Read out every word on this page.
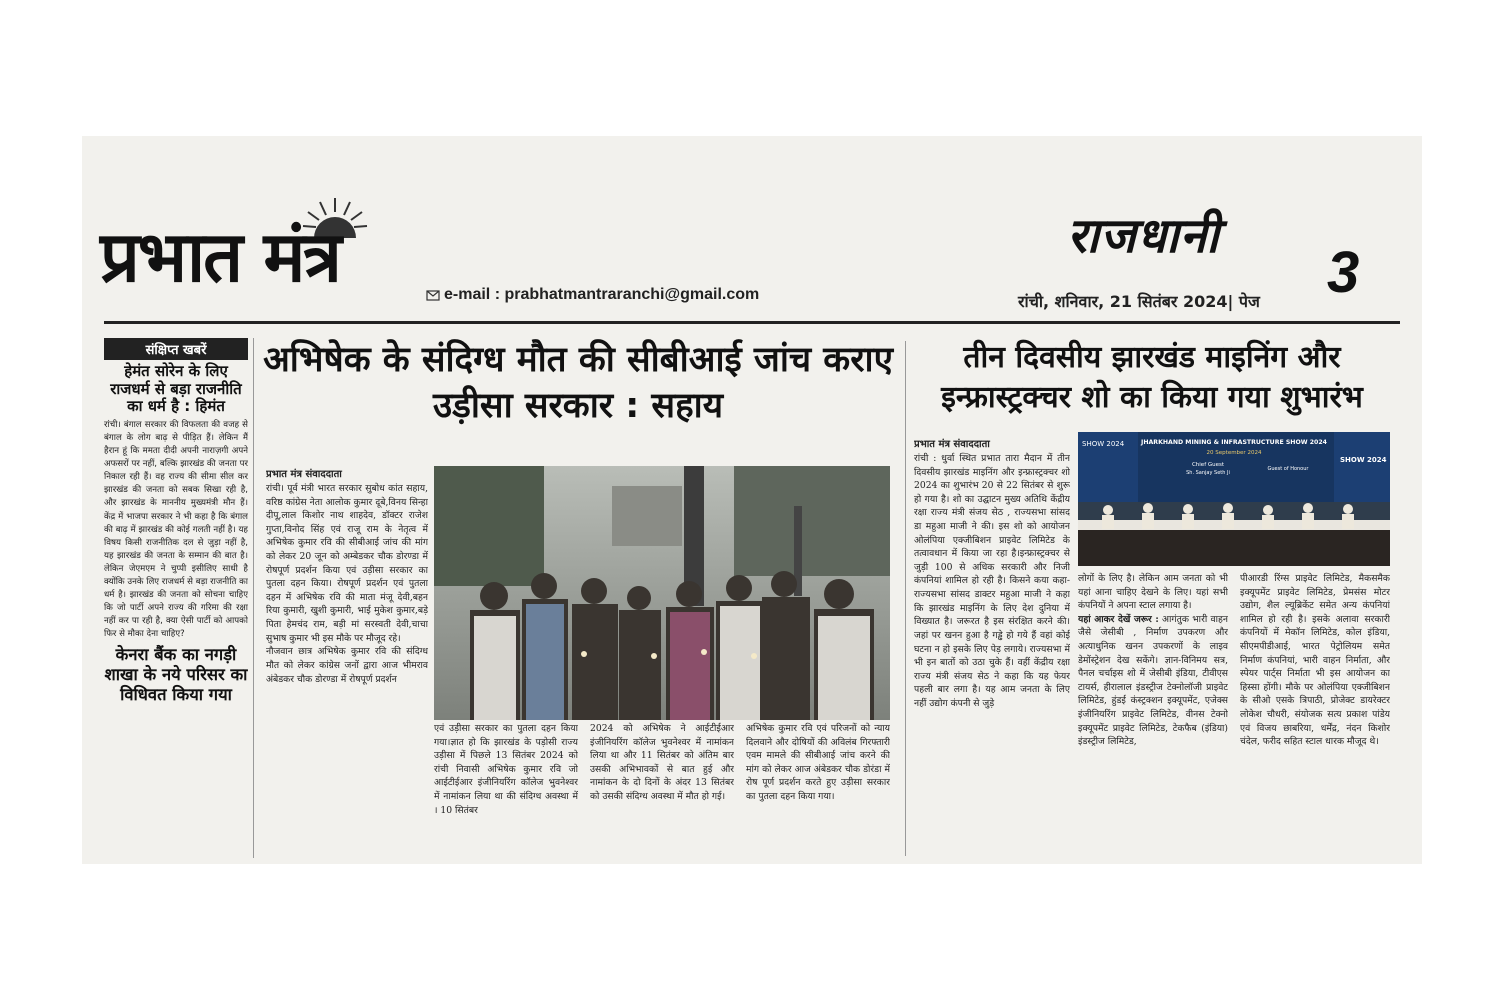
प्रभात मंत्र	e-mail : prabhatmantraranchi@gmail.com
राजधानी
रांची, शनिवार, 21 सितंबर 2024| पेज 3
संक्षिप्त खबरें
हेमंत सोरेन के लिए राजधर्म से बड़ा राजनीति का धर्म है : हिमंत
रांची। बंगाल सरकार की विफलता की वजह से बंगाल के लोग बाढ़ से पीड़ित हैं। लेकिन मैं हैरान हूं कि ममता दीदी अपनी नाराज़गी अपने अफसरों पर नहीं, बल्कि झारखंड की जनता पर निकाल रही हैं। वह राज्य की सीमा सील कर झारखंड की जनता को सबक सिखा रही है, और झारखंड के माननीय मुख्यमंत्री मौन हैं। केंद्र में भाजपा सरकार ने भी कहा है कि बंगाल की बाढ़ में झारखंड की कोई गलती नहीं है। यह विषय किसी राजनीतिक दल से जुड़ा नहीं है, यह झारखंड की जनता के सम्मान की बात है। लेकिन जेएमएम ने चुप्पी इसीलिए साधी है क्योंकि उनके लिए राजधर्म से बड़ा राजनीति का धर्म है। झारखंड की जनता को सोचना चाहिए कि जो पार्टी अपने राज्य की गरिमा की रक्षा नहीं कर पा रही है, क्या ऐसी पार्टी को आपको फिर से मौका देना चाहिए?
केनरा बैंक का नगड़ी शाखा के नये परिसर का विधिवत किया गया
अभिषेक के संदिग्ध मौत की सीबीआई जांच कराए उड़ीसा सरकार : सहाय
प्रभात मंत्र संवाददाता
रांची। पूर्व मंत्री भारत सरकार सुबोध कांत सहाय, वरिष्ठ कांग्रेस नेता आलोक कुमार दूबे,विनय सिन्हा दीपू,लाल किशोर नाथ शाहदेव, डॉक्टर राजेश गुप्ता,विनोद सिंह एवं राजू राम के नेतृत्व में अभिषेक कुमार रवि की सीबीआई जांच की मांग को लेकर 20 जून को अम्बेडकर चौक डोरण्डा में रोषपूर्ण प्रदर्शन किया एवं उड़ीसा सरकार का पुतला दहन किया। रोषपूर्ण प्रदर्शन एवं पुतला दहन में अभिषेक रवि की माता मंजू देवी,बहन रिया कुमारी, खुशी कुमारी, भाई मुकेश कुमार,बड़े पिता हेमचंद राम, बड़ी मां सरस्वती देवी,चाचा सुभाष कुमार भी इस मौके पर मौजूद रहे।
नौजवान छात्र अभिषेक कुमार रवि की संदिग्ध मौत को लेकर कांग्रेस जनों द्वारा आज भीमराव अंबेडकर चौक डोरण्डा में रोषपूर्ण प्रदर्शन
एवं उड़ीसा सरकार का पुतला दहन किया गया।ज्ञात हो कि झारखंड के पड़ोसी राज्य उड़ीसा में पिछले 13 सितंबर 2024 को रांची निवासी अभिषेक कुमार रवि जो आईटीईआर इंजीनियरिंग कॉलेज भुवनेश्वर में नामांकन लिया था की संदिग्ध अवस्था में । 10 सितंबर
2024 को अभिषेक ने आईटीईआर इंजीनियरिंग कॉलेज भुवनेश्वर में नामांकन लिया था और 11 सितंबर को अंतिम बार उसकी अभिभावकों से बात हुई और नामांकन के दो दिनों के अंदर 13 सितंबर को उसकी संदिग्ध अवस्था में मौत हो गई।
अभिषेक कुमार रवि एवं परिजनों को न्याय दिलवाने और दोषियों की अविलंब गिरफ्तारी एवम मामले की सीबीआई जांच करने की मांग को लेकर आज अंबेडकर चौक डोरंडा में रोष पूर्ण प्रदर्शन करते हुए उड़ीसा सरकार का पुतला दहन किया गया।
तीन दिवसीय झारखंड माइनिंग और इन्फ्रास्ट्रक्चर शो का किया गया शुभारंभ
प्रभात मंत्र संवाददाता
रांची : धुर्वा स्थित प्रभात तारा मैदान में तीन दिवसीय झारखंड माइनिंग और इन्फ्रास्ट्रक्चर शो 2024 का शुभारंभ 20 से 22 सितंबर से शुरू हो गया है। शो का उद्घाटन मुख्य अतिथि केंद्रीय रक्षा राज्य मंत्री संजय सेठ , राज्यसभा सांसद डा महुआ माजी ने की। इस शो को आयोजन ओलंपिया एक्जीबिशन प्राइवेट लिमिटेड के तत्वावधान में किया जा रहा है।इन्फ्रास्ट्रक्चर से जुड़ी 100 से अधिक सरकारी और निजी कंपनियां शामिल हो रही है। किसने कया कहा- राज्यसभा सांसद डाक्टर महुआ माजी ने कहा कि झारखंड माइनिंग के लिए देश दुनिया में विख्यात है। जरूरत है इस संरक्षित करने की। जहां पर खनन हुआ है गड्ढे हो गये हैं वहां कोई घटना न हो इसके लिए पेड़ लगाये। राज्यसभा में भी इन बातों को उठा चुके हैं। वहीं केंद्रीय रक्षा राज्य मंत्री संजय सेठ ने कहा कि यह फेयर पहली बार लगा है। यह आम जनता के लिए नहीं उद्योग कंपनी से जुड़े
SHOW 2024	JHARKHAND MINING & INFRASTRUCTURE SHOW 2024
20 September 2024
Chief Guest
Sh. Sanjay Seth Ji
Guest of Honour
SHOW 2024
लोगों के लिए है। लेकिन आम जनता को भी यहां आना चाहिए देखने के लिए। यहां सभी कंपनियों ने अपना स्टाल लगाया है।
यहां आकर देखें जरूर : आगंतुक भारी वाहन जैसे जेसीबी , निर्माण उपकरण और अत्याधुनिक खनन उपकरणों के लाइव डेमोंस्ट्रेशन देख सकेंगे। ज्ञान-विनिमय सत्र, पैनल चर्चाइस शो में जेसीबी इंडिया, टीवीएस टायर्स, हीरालाल इंडस्ट्रीज टेक्नोलॉजी प्राइवेट लिमिटेड, हुंडई कंस्ट्रक्शन इक्यूपमेंट, एजेक्स इंजीनियरिंग प्राइवेट लिमिटेड, वीनस टेक्नो इक्यूपमेंट प्राइवेट लिमिटेड, टेकफैब (इंडिया) इंडस्ट्रीज लिमिटेड,
पीआरडी रिंग्स प्राइवेट लिमिटेड, मैकसमैक इक्यूपमेंट प्राइवेट लिमिटेड, प्रेमसंस मोटर उद्योग, शैल ल्यूब्रिकेंट समेत अन्य कंपनियां शामिल हो रही है। इसके अलावा सरकारी कंपनियों में मेकॉन लिमिटेड, कोल इंडिया, सीएमपीडीआई, भारत पेट्रोलियम समेत निर्माण कंपनियां, भारी वाहन निर्माता, और स्पेयर पार्ट्स निर्माता भी इस आयोजन का हिस्सा होंगी। मौके पर ओलंपिया एक्जीबिशन के सीओ एसके त्रिपाठी, प्रोजेक्ट डायरेक्टर लोकेश चौधरी, संयोजक सत्य प्रकाश पांडेय एवं विजय छाबरिया, धर्मेंद्र, नंदन किशोर चंदेल, फरीद सहित स्टाल धारक मौजूद थे।
